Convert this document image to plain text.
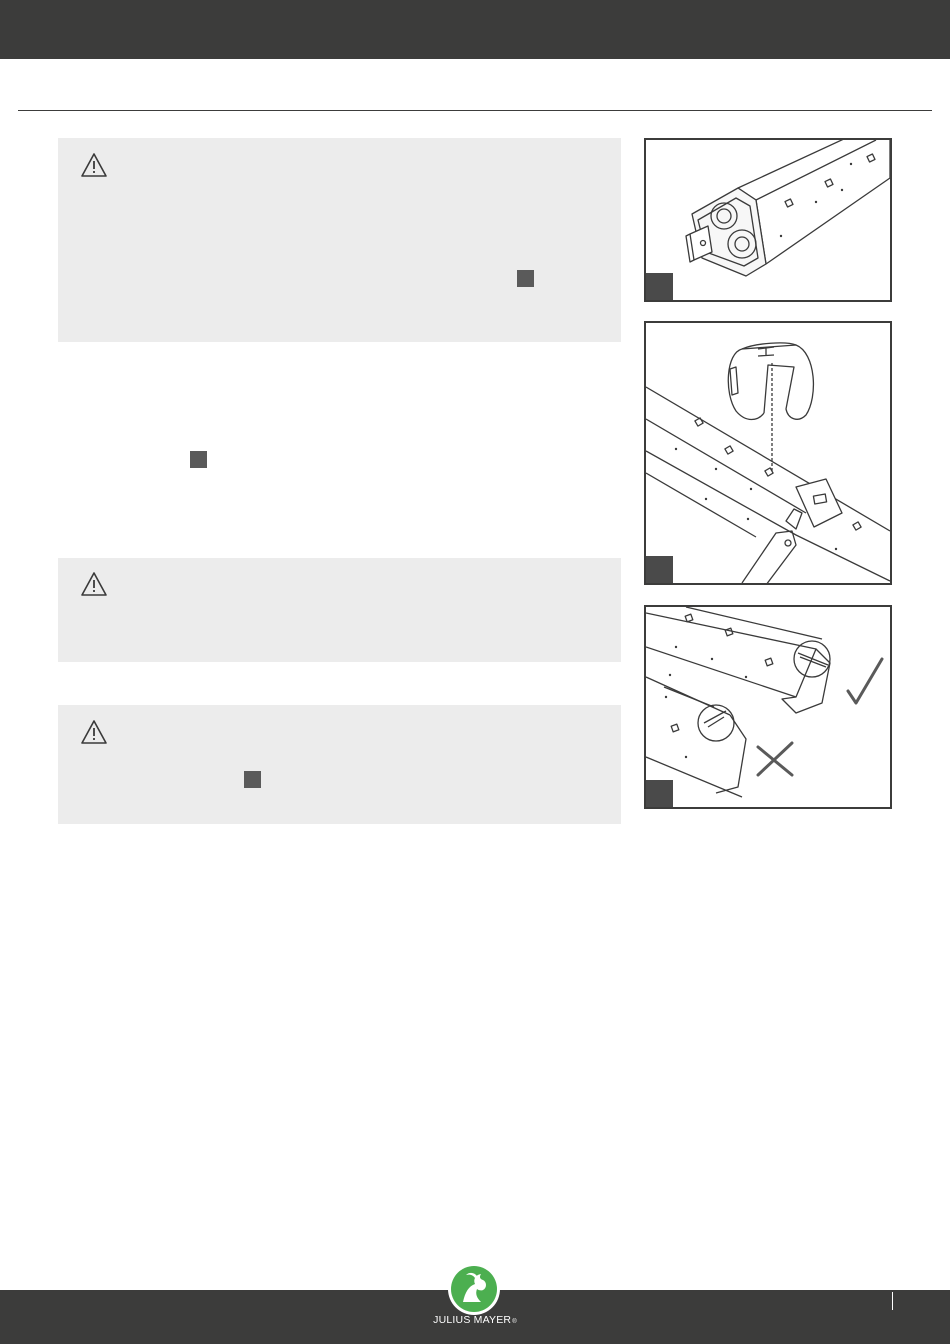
JULIUS MAYER®
